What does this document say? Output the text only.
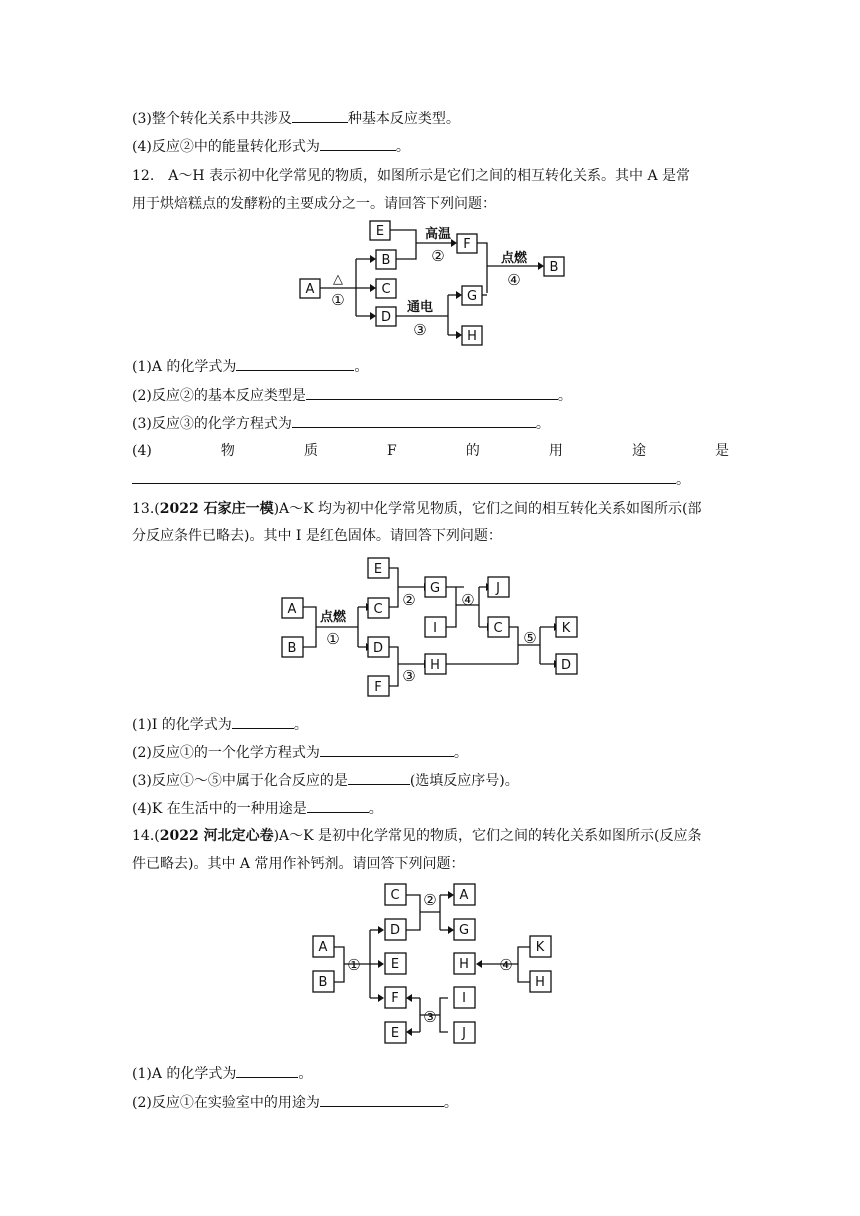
(3)整个转化关系中共涉及	种基本反应类型。
(4)反应②中的能量转化形式为	。
12.　A～H 表示初中化学常见的物质，如图所示是它们之间的相互转化关系。其中 A 是常
用于烘焙糕点的发酵粉的主要成分之一。请回答下列问题：
A
B
C
D
E
F
B
G
H
△
高温
点燃
通电
①
②
③
④
(1)A 的化学式为	。
(2)反应②的基本反应类型是	。
(3)反应③的化学方程式为	。
(4)	物	质	F	的	用	途	是
。
13.(2022 石家庄一模)A～K 均为初中化学常见物质，它们之间的相互转化关系如图所示(部
分反应条件已略去)。其中 I 是红色固体。请回答下列问题：
A
B
E
C
D
F
G
I
J
C
H
K
D
点燃
①
②
③
④
⑤
(1)I 的化学式为	。
(2)反应①的一个化学方程式为	。
(3)反应①～⑤中属于化合反应的是	(选填反应序号)。
(4)K 在生活中的一种用途是	。
14.(2022 河北定心卷)A～K 是初中化学常见的物质，它们之间的转化关系如图所示(反应条
件已略去)。其中 A 常用作补钙剂。请回答下列问题：
C	A
D	G
A
B
E	H
K
H
F	I
E	J
①
②
③
④
(1)A 的化学式为	。
(2)反应①在实验室中的用途为	。
